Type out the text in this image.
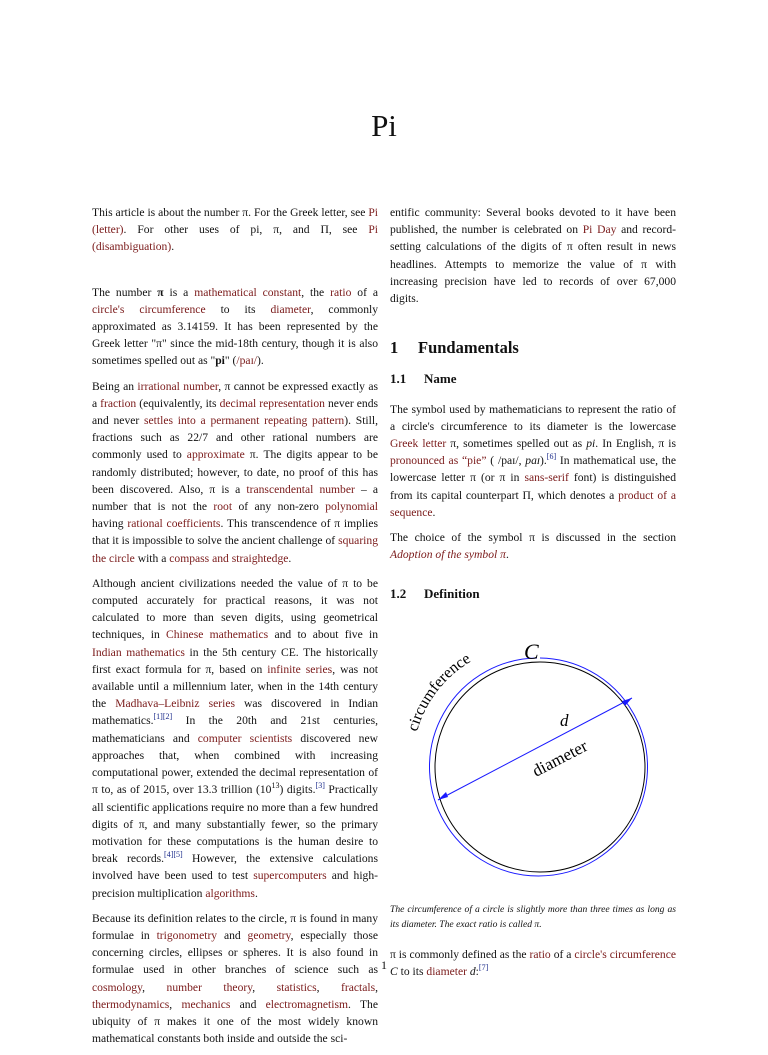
Pi

This article is about the number π. For the Greek letter, see Pi (letter). For other uses of pi, π, and Π, see Pi (disambiguation).

The number π is a mathematical constant, the ratio of a circle's circumference to its diameter, commonly approximated as 3.14159. It has been represented by the Greek letter "π" since the mid-18th century, though it is also sometimes spelled out as "pi" (/paɪ/).

Being an irrational number, π cannot be expressed exactly as a fraction (equivalently, its decimal representation never ends and never settles into a permanent repeating pattern). Still, fractions such as 22/7 and other rational numbers are commonly used to approximate π. The digits appear to be randomly distributed; however, to date, no proof of this has been discovered. Also, π is a transcendental number – a number that is not the root of any non-zero polynomial having rational coefficients. This transcendence of π implies that it is impossible to solve the ancient challenge of squaring the circle with a compass and straightedge.

Although ancient civilizations needed the value of π to be computed accurately for practical reasons, it was not calculated to more than seven digits, using geometrical techniques, in Chinese mathematics and to about five in Indian mathematics in the 5th century CE. The historically first exact formula for π, based on infinite series, was not available until a millennium later, when in the 14th century the Madhava–Leibniz series was discovered in Indian mathematics.[1][2] In the 20th and 21st centuries, mathematicians and computer scientists discovered new approaches that, when combined with increasing computational power, extended the decimal representation of π to, as of 2015, over 13.3 trillion $(10^{13})$ digits.[3] Practically all scientific applications require no more than a few hundred digits of π, and many substantially fewer, so the primary motivation for these computations is the human desire to break records.[4][5] However, the extensive calculations involved have been used to test supercomputers and high-precision multiplication algorithms.

Because its definition relates to the circle, π is found in many formulae in trigonometry and geometry, especially those concerning circles, ellipses or spheres. It is also found in formulae used in other branches of science such as cosmology, number theory, statistics, fractals, thermodynamics, mechanics and electromagnetism. The ubiquity of π makes it one of the most widely known mathematical constants both inside and outside the sci-

entific community: Several books devoted to it have been published, the number is celebrated on Pi Day and record-setting calculations of the digits of π often result in news headlines. Attempts to memorize the value of π with increasing precision have led to records of over 67,000 digits.

1 Fundamentals
1.1 Name

The symbol used by mathematicians to represent the ratio of a circle's circumference to its diameter is the lowercase Greek letter π, sometimes spelled out as pi. In English, π is pronounced as “pie” ( /paɪ/, paɪ).[6] In mathematical use, the lowercase letter π (or π in sans-serif font) is distinguished from its capital counterpart Π, which denotes a product of a sequence.

The choice of the symbol π is discussed in the section Adoption of the symbol π.

1.2 Definition
circumference C
d
diameter

The circumference of a circle is slightly more than three times as long as its diameter. The exact ratio is called π.

π is commonly defined as the ratio of a circle's circumference C to its diameter d:[7]

1
